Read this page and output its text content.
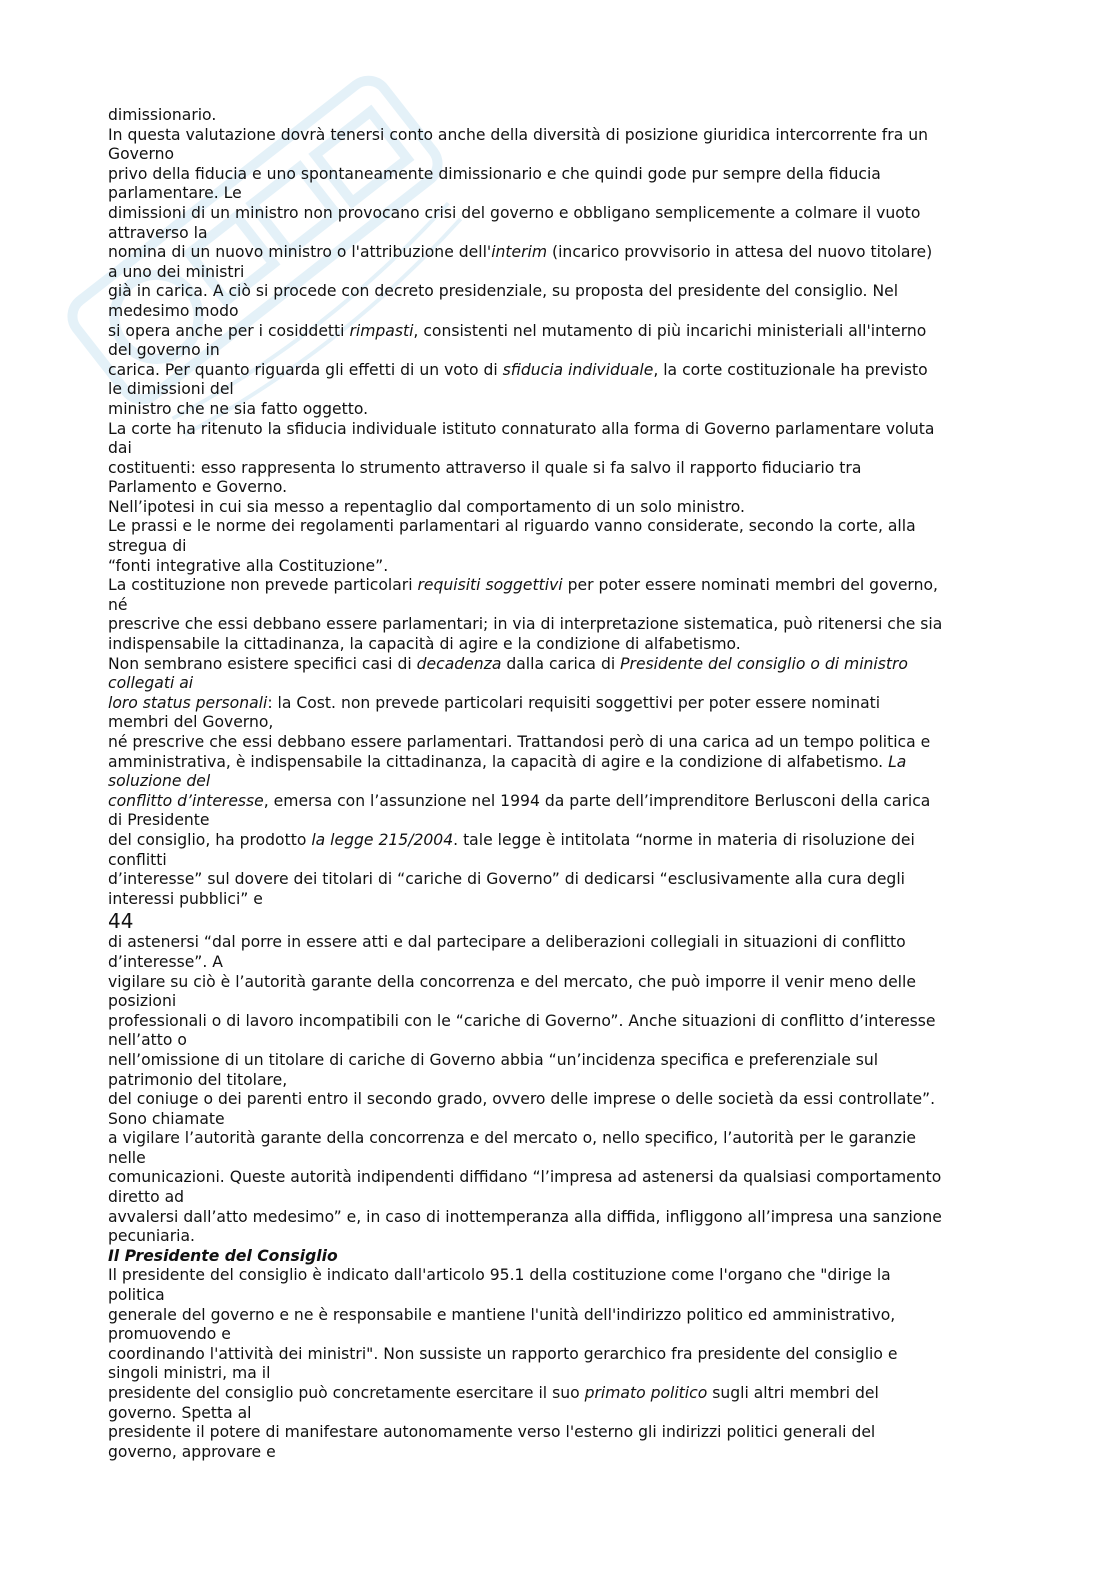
dimissionario.
In questa valutazione dovrà tenersi conto anche della diversità di posizione giuridica intercorrente fra un
Governo
privo della fiducia e uno spontaneamente dimissionario e che quindi gode pur sempre della fiducia
parlamentare. Le
dimissioni di un ministro non provocano crisi del governo e obbligano semplicemente a colmare il vuoto
attraverso la
nomina di un nuovo ministro o l'attribuzione dell'interim (incarico provvisorio in attesa del nuovo titolare)
a uno dei ministri
già in carica. A ciò si procede con decreto presidenziale, su proposta del presidente del consiglio. Nel
medesimo modo
si opera anche per i cosiddetti rimpasti, consistenti nel mutamento di più incarichi ministeriali all'interno
del governo in
carica. Per quanto riguarda gli effetti di un voto di sfiducia individuale, la corte costituzionale ha previsto
le dimissioni del
ministro che ne sia fatto oggetto.
La corte ha ritenuto la sfiducia individuale istituto connaturato alla forma di Governo parlamentare voluta
dai
costituenti: esso rappresenta lo strumento attraverso il quale si fa salvo il rapporto fiduciario tra
Parlamento e Governo.
Nell’ipotesi in cui sia messo a repentaglio dal comportamento di un solo ministro.
Le prassi e le norme dei regolamenti parlamentari al riguardo vanno considerate, secondo la corte, alla
stregua di
“fonti integrative alla Costituzione”.
La costituzione non prevede particolari requisiti soggettivi per poter essere nominati membri del governo,
né
prescrive che essi debbano essere parlamentari; in via di interpretazione sistematica, può ritenersi che sia
indispensabile la cittadinanza, la capacità di agire e la condizione di alfabetismo.
Non sembrano esistere specifici casi di decadenza dalla carica di Presidente del consiglio o di ministro
collegati ai
loro status personali: la Cost. non prevede particolari requisiti soggettivi per poter essere nominati
membri del Governo,
né prescrive che essi debbano essere parlamentari. Trattandosi però di una carica ad un tempo politica e
amministrativa, è indispensabile la cittadinanza, la capacità di agire e la condizione di alfabetismo. La
soluzione del
conflitto d’interesse, emersa con l’assunzione nel 1994 da parte dell’imprenditore Berlusconi della carica
di Presidente
del consiglio, ha prodotto la legge 215/2004. tale legge è intitolata “norme in materia di risoluzione dei
conflitti
d’interesse” sul dovere dei titolari di “cariche di Governo” di dedicarsi “esclusivamente alla cura degli
interessi pubblici” e
44
di astenersi “dal porre in essere atti e dal partecipare a deliberazioni collegiali in situazioni di conflitto
d’interesse”. A
vigilare su ciò è l’autorità garante della concorrenza e del mercato, che può imporre il venir meno delle
posizioni
professionali o di lavoro incompatibili con le “cariche di Governo”. Anche situazioni di conflitto d’interesse
nell’atto o
nell’omissione di un titolare di cariche di Governo abbia “un’incidenza specifica e preferenziale sul
patrimonio del titolare,
del coniuge o dei parenti entro il secondo grado, ovvero delle imprese o delle società da essi controllate”.
Sono chiamate
a vigilare l’autorità garante della concorrenza e del mercato o, nello specifico, l’autorità per le garanzie
nelle
comunicazioni. Queste autorità indipendenti diffidano “l’impresa ad astenersi da qualsiasi comportamento
diretto ad
avvalersi dall’atto medesimo” e, in caso di inottemperanza alla diffida, infliggono all’impresa una sanzione
pecuniaria.
Il Presidente del Consiglio
Il presidente del consiglio è indicato dall'articolo 95.1 della costituzione come l'organo che "dirige la
politica
generale del governo e ne è responsabile e mantiene l'unità dell'indirizzo politico ed amministrativo,
promuovendo e
coordinando l'attività dei ministri". Non sussiste un rapporto gerarchico fra presidente del consiglio e
singoli ministri, ma il
presidente del consiglio può concretamente esercitare il suo primato politico sugli altri membri del
governo. Spetta al
presidente il potere di manifestare autonomamente verso l'esterno gli indirizzi politici generali del
governo, approvare e
